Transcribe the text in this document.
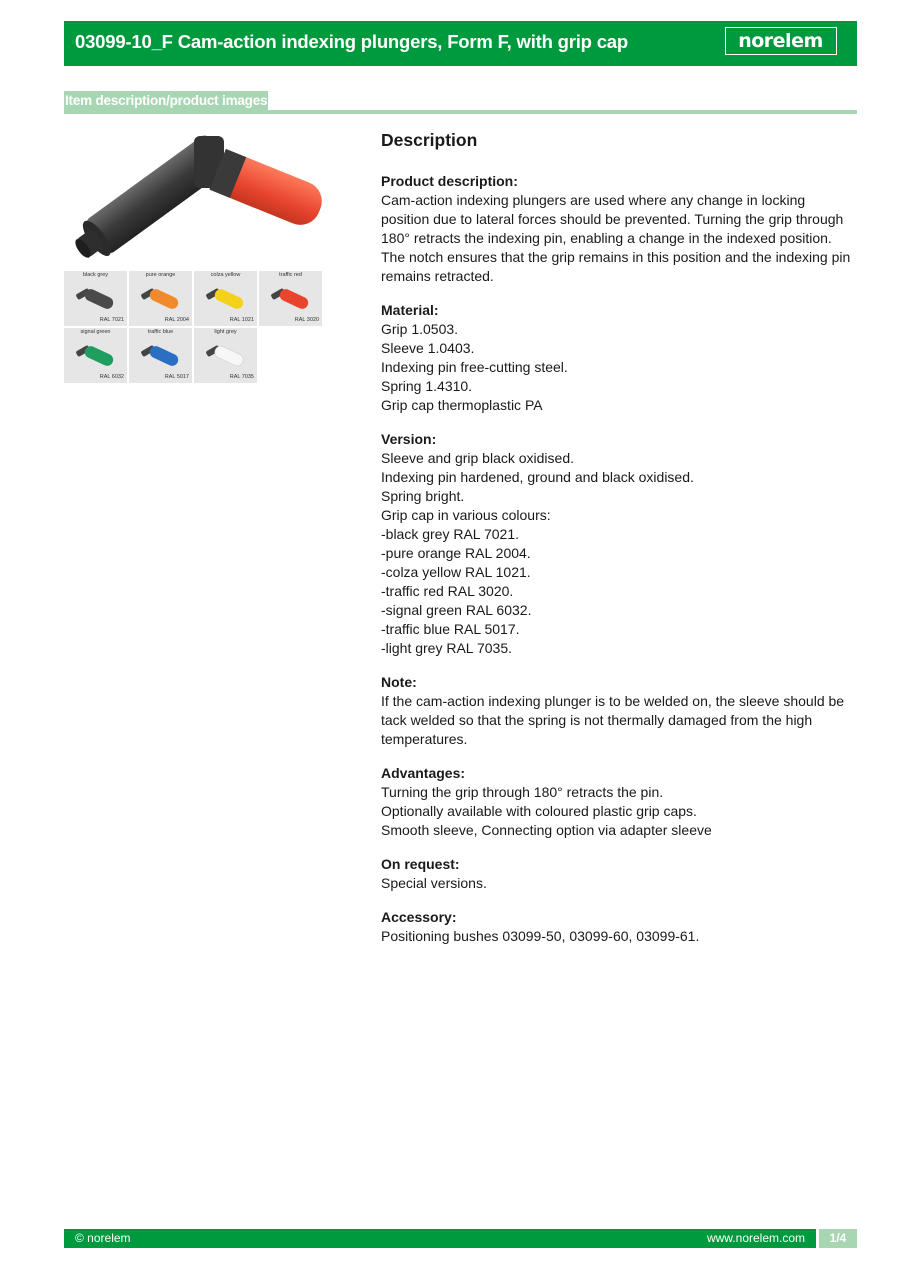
03099-10_F Cam-action indexing plungers, Form F, with grip cap	norelem
Item description/product images
black grey
RAL 7021
pure orange
RAL 2004
colza yellow
RAL 1021
traffic red
RAL 3020
signal green
RAL 6032
traffic blue
RAL 5017
light grey
RAL 7035
Description
Product description:
Cam-action indexing plungers are used where any change in locking position due to lateral forces should be prevented. Turning the grip through 180° retracts the indexing pin, enabling a change in the indexed position. The notch ensures that the grip remains in this position and the indexing pin remains retracted.
Material:
Grip 1.0503.
Sleeve 1.0403.
Indexing pin free-cutting steel.
Spring 1.4310.
Grip cap thermoplastic PA
Version:
Sleeve and grip black oxidised.
Indexing pin hardened, ground and black oxidised.
Spring bright.
Grip cap in various colours:
-black grey RAL 7021.
-pure orange RAL 2004.
-colza yellow RAL 1021.
-traffic red RAL 3020.
-signal green RAL 6032.
-traffic blue RAL 5017.
-light grey RAL 7035.
Note:
If the cam-action indexing plunger is to be welded on, the sleeve should be tack welded so that the spring is not thermally damaged from the high temperatures.
Advantages:
Turning the grip through 180° retracts the pin.
Optionally available with coloured plastic grip caps.
Smooth sleeve, Connecting option via adapter sleeve
On request:
Special versions.
Accessory:
Positioning bushes 03099-50, 03099-60, 03099-61.
© norelem	www.norelem.com	1/4
